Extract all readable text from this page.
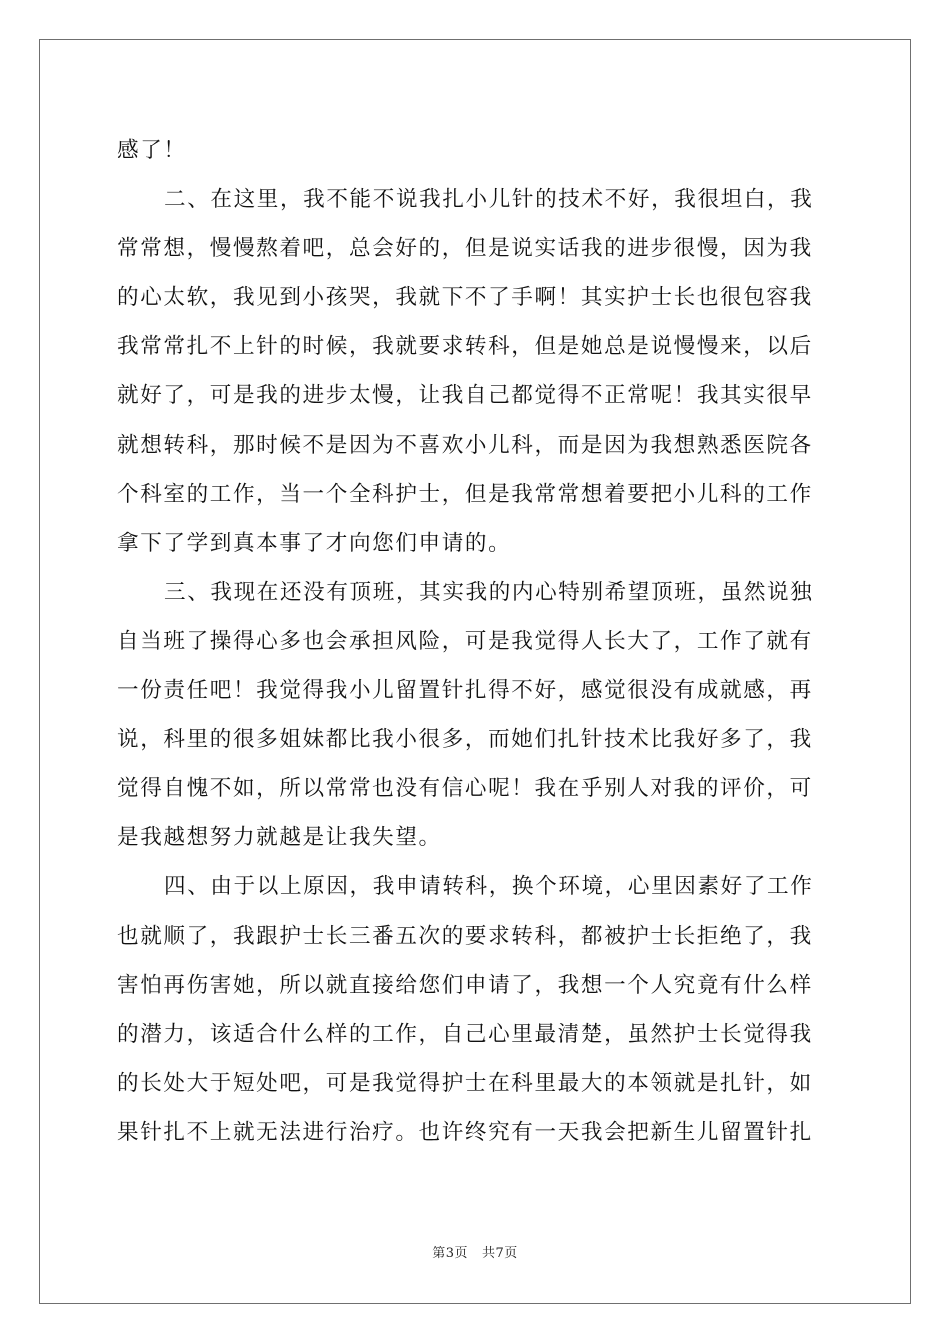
感了！
二、在这里，我不能不说我扎小儿针的技术不好，我很坦白，我
常常想，慢慢熬着吧，总会好的，但是说实话我的进步很慢，因为我
的心太软，我见到小孩哭，我就下不了手啊！其实护士长也很包容我
我常常扎不上针的时候，我就要求转科，但是她总是说慢慢来，以后
就好了，可是我的进步太慢，让我自己都觉得不正常呢！我其实很早
就想转科，那时候不是因为不喜欢小儿科，而是因为我想熟悉医院各
个科室的工作，当一个全科护士，但是我常常想着要把小儿科的工作
拿下了学到真本事了才向您们申请的。
三、我现在还没有顶班，其实我的内心特别希望顶班，虽然说独
自当班了操得心多也会承担风险，可是我觉得人长大了，工作了就有
一份责任吧！我觉得我小儿留置针扎得不好，感觉很没有成就感，再
说，科里的很多姐妹都比我小很多，而她们扎针技术比我好多了，我
觉得自愧不如，所以常常也没有信心呢！我在乎别人对我的评价，可
是我越想努力就越是让我失望。
四、由于以上原因，我申请转科，换个环境，心里因素好了工作
也就顺了，我跟护士长三番五次的要求转科，都被护士长拒绝了，我
害怕再伤害她，所以就直接给您们申请了，我想一个人究竟有什么样
的潜力，该适合什么样的工作，自己心里最清楚，虽然护士长觉得我
的长处大于短处吧，可是我觉得护士在科里最大的本领就是扎针，如
果针扎不上就无法进行治疗。也许终究有一天我会把新生儿留置针扎
第3页 共7页
